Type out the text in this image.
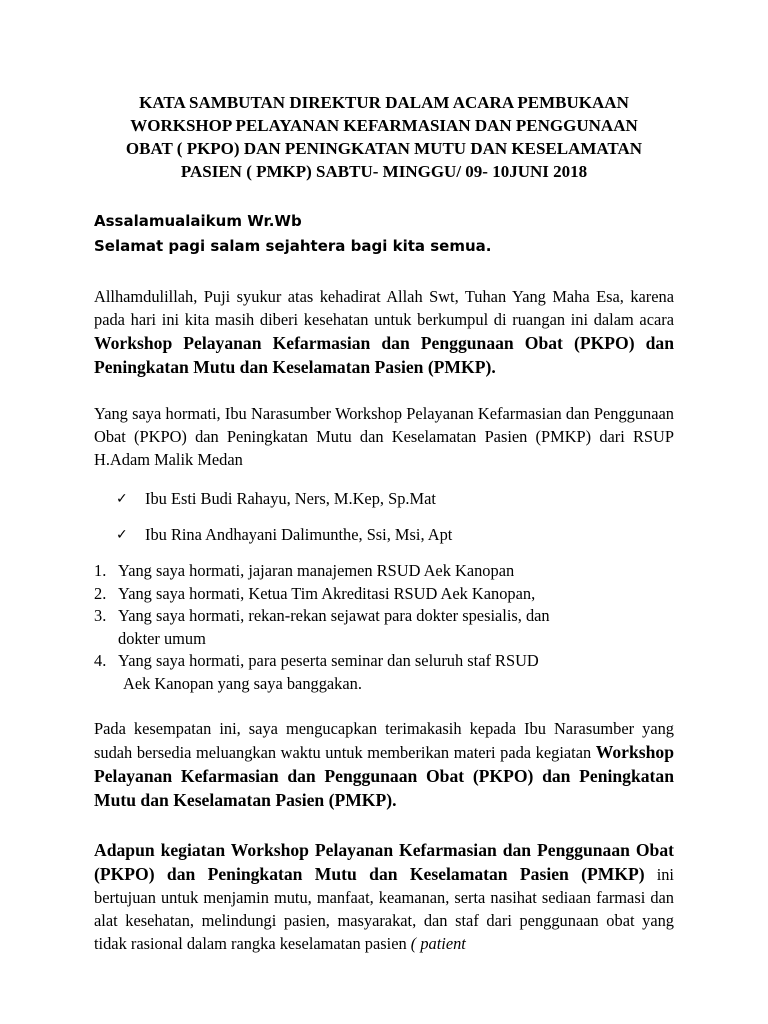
KATA SAMBUTAN DIREKTUR DALAM ACARA PEMBUKAAN
WORKSHOP PELAYANAN KEFARMASIAN DAN PENGGUNAAN
OBAT ( PKPO) DAN PENINGKATAN MUTU DAN KESELAMATAN
PASIEN ( PMKP) SABTU- MINGGU/ 09- 10JUNI 2018
Assalamualaikum Wr.Wb
Selamat pagi salam sejahtera bagi kita semua.

Allhamdulillah, Puji syukur atas kehadirat Allah Swt, Tuhan Yang Maha Esa, karena pada hari ini kita masih diberi kesehatan untuk berkumpul di ruangan ini dalam acara Workshop Pelayanan Kefarmasian dan Penggunaan Obat (PKPO) dan Peningkatan Mutu dan Keselamatan Pasien (PMKP).

Yang saya hormati, Ibu Narasumber Workshop Pelayanan Kefarmasian dan Penggunaan Obat (PKPO) dan Peningkatan Mutu dan Keselamatan Pasien (PMKP) dari RSUP H.Adam Malik Medan

✓ Ibu Esti Budi Rahayu, Ners, M.Kep, Sp.Mat
✓ Ibu Rina Andhayani Dalimunthe, Ssi, Msi, Apt
1. Yang saya hormati, jajaran manajemen RSUD Aek Kanopan
2. Yang saya hormati, Ketua Tim Akreditasi RSUD Aek Kanopan,
3. Yang saya hormati, rekan-rekan sejawat para dokter spesialis, dan
dokter umum
4. Yang saya hormati, para peserta seminar dan seluruh staf RSUD
Aek Kanopan yang saya banggakan.

Pada kesempatan ini, saya mengucapkan terimakasih kepada Ibu Narasumber yang sudah bersedia meluangkan waktu untuk memberikan materi pada kegiatan Workshop Pelayanan Kefarmasian dan Penggunaan Obat (PKPO) dan Peningkatan Mutu dan Keselamatan Pasien (PMKP).

Adapun kegiatan Workshop Pelayanan Kefarmasian dan Penggunaan Obat (PKPO) dan Peningkatan Mutu dan Keselamatan Pasien (PMKP) ini bertujuan untuk menjamin mutu, manfaat, keamanan, serta nasihat sediaan farmasi dan alat kesehatan, melindungi pasien, masyarakat, dan staf dari penggunaan obat yang tidak rasional dalam rangka keselamatan pasien ( patient
